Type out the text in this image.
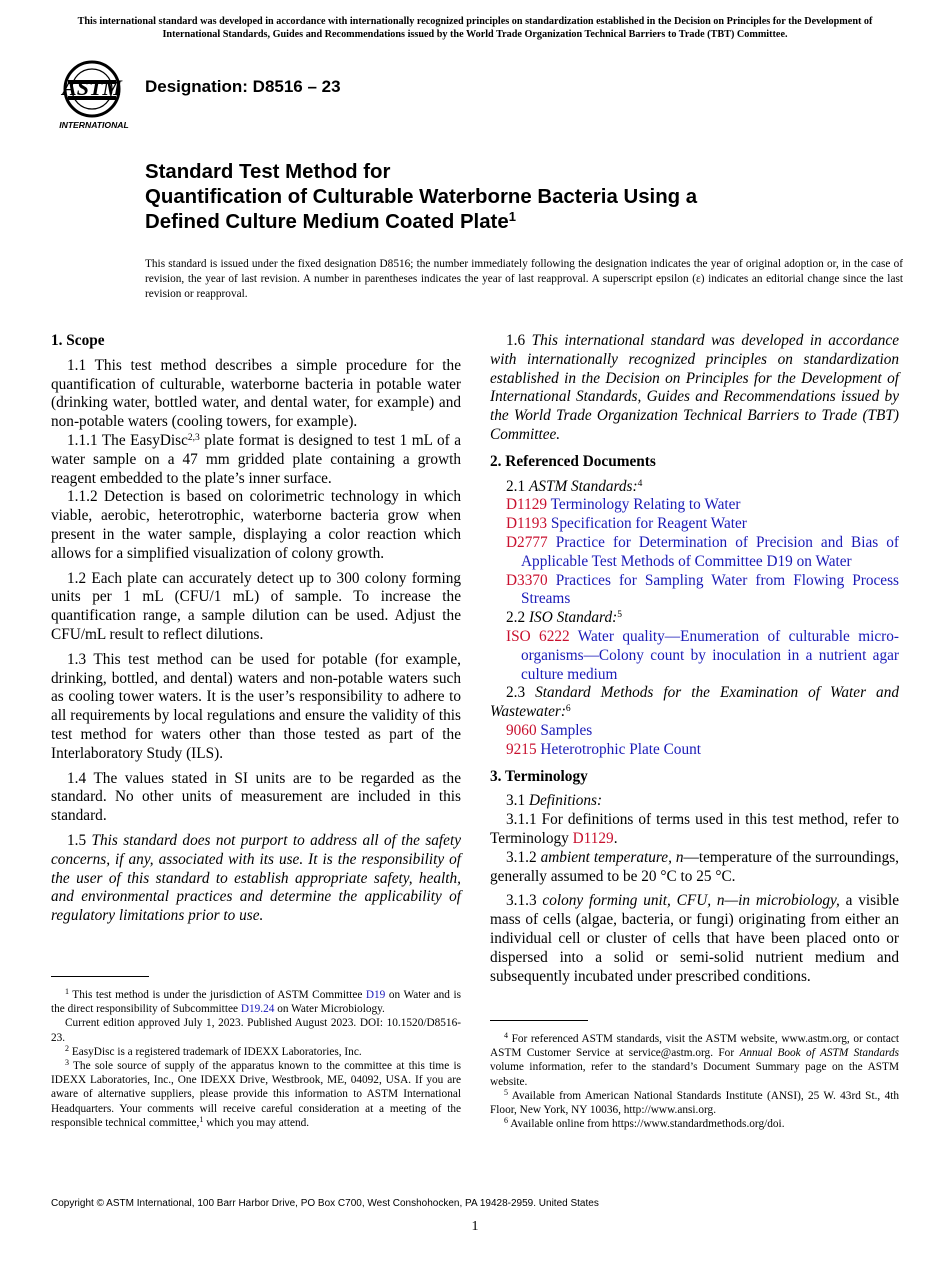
This international standard was developed in accordance with internationally recognized principles on standardization established in the Decision on Principles for the Development of International Standards, Guides and Recommendations issued by the World Trade Organization Technical Barriers to Trade (TBT) Committee.
ASTM
INTERNATIONAL
Designation: D8516 – 23
Standard Test Method for
Quantification of Culturable Waterborne Bacteria Using a
Defined Culture Medium Coated Plate$^1$
This standard is issued under the fixed designation D8516; the number immediately following the designation indicates the year of original adoption or, in the case of revision, the year of last revision. A number in parentheses indicates the year of last reapproval. A superscript epsilon (ε) indicates an editorial change since the last revision or reapproval.

1. Scope

1.1 This test method describes a simple procedure for the quantification of culturable, waterborne bacteria in potable water (drinking water, bottled water, and dental water, for example) and non-potable waters (cooling towers, for example).

1.1.1 The EasyDisc$^{2,3}$ plate format is designed to test 1 mL of a water sample on a 47 mm gridded plate containing a growth reagent embedded to the plate’s inner surface.

1.1.2 Detection is based on colorimetric technology in which viable, aerobic, heterotrophic, waterborne bacteria grow when present in the water sample, displaying a color reaction which allows for a simplified visualization of colony growth.

1.2 Each plate can accurately detect up to 300 colony forming units per 1 mL (CFU/1 mL) of sample. To increase the quantification range, a sample dilution can be used. Adjust the CFU/mL result to reflect dilutions.

1.3 This test method can be used for potable (for example, drinking, bottled, and dental) waters and non-potable waters such as cooling tower waters. It is the user’s responsibility to adhere to all requirements by local regulations and ensure the validity of this test method for waters other than those tested as part of the Interlaboratory Study (ILS).

1.4 The values stated in SI units are to be regarded as the standard. No other units of measurement are included in this standard.

1.5 This standard does not purport to address all of the safety concerns, if any, associated with its use. It is the responsibility of the user of this standard to establish appropriate safety, health, and environmental practices and determine the applicability of regulatory limitations prior to use.

$^1$ This test method is under the jurisdiction of ASTM Committee D19 on Water and is the direct responsibility of Subcommittee D19.24 on Water Microbiology.

Current edition approved July 1, 2023. Published August 2023. DOI: 10.1520/D8516-23.

$^2$ EasyDisc is a registered trademark of IDEXX Laboratories, Inc.

$^3$ The sole source of supply of the apparatus known to the committee at this time is IDEXX Laboratories, Inc., One IDEXX Drive, Westbrook, ME, 04092, USA. If you are aware of alternative suppliers, please provide this information to ASTM International Headquarters. Your comments will receive careful consideration at a meeting of the responsible technical committee,$^1$ which you may attend.

1.6 This international standard was developed in accordance with internationally recognized principles on standardization established in the Decision on Principles for the Development of International Standards, Guides and Recommendations issued by the World Trade Organization Technical Barriers to Trade (TBT) Committee.

2. Referenced Documents

2.1 ASTM Standards:$^4$

D1129 Terminology Relating to Water

D1193 Specification for Reagent Water

D2777 Practice for Determination of Precision and Bias of Applicable Test Methods of Committee D19 on Water

D3370 Practices for Sampling Water from Flowing Process Streams

2.2 ISO Standard:$^5$

ISO 6222 Water quality—Enumeration of culturable micro-organisms—Colony count by inoculation in a nutrient agar culture medium

2.3 Standard Methods for the Examination of Water and Wastewater:$^6$

9060 Samples

9215 Heterotrophic Plate Count

3. Terminology

3.1 Definitions:

3.1.1 For definitions of terms used in this test method, refer to Terminology D1129.

3.1.2 ambient temperature, n—temperature of the surroundings, generally assumed to be 20 °C to 25 °C.

3.1.3 colony forming unit, CFU, n—in microbiology, a visible mass of cells (algae, bacteria, or fungi) originating from either an individual cell or cluster of cells that have been placed onto or dispersed into a solid or semi-solid nutrient medium and subsequently incubated under prescribed conditions.

$^4$ For referenced ASTM standards, visit the ASTM website, www.astm.org, or contact ASTM Customer Service at service@astm.org. For Annual Book of ASTM Standards volume information, refer to the standard’s Document Summary page on the ASTM website.

$^5$ Available from American National Standards Institute (ANSI), 25 W. 43rd St., 4th Floor, New York, NY 10036, http://www.ansi.org.

$^6$ Available online from https://www.standardmethods.org/doi.

Copyright © ASTM International, 100 Barr Harbor Drive, PO Box C700, West Conshohocken, PA 19428-2959. United States
1
